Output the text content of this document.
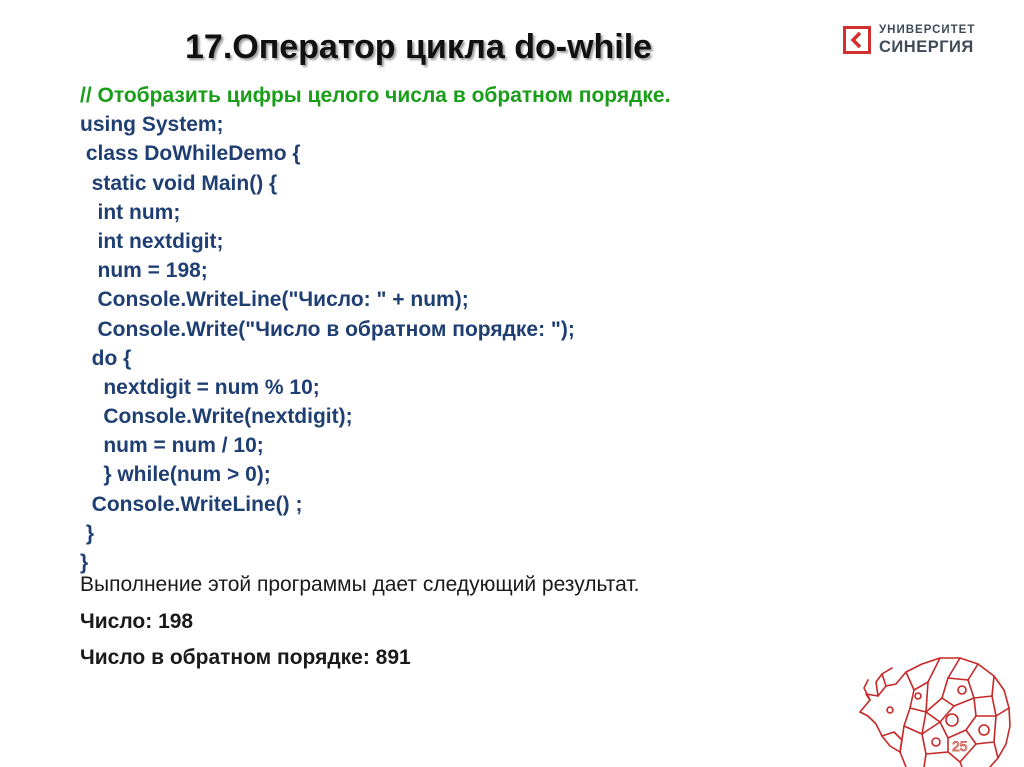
17.Оператор цикла do-while	УНИВЕРСИТЕТ
СИНЕРГИЯ
// Отобразить цифры целого числа в обратном порядке.
using System;
class DoWhileDemo {
static void Main() {
int num;
int nextdigit;
num = 198;
Console.WriteLine("Число: " + num);
Console.Write("Число в обратном порядке: ");
do {
nextdigit = num % 10;
Console.Write(nextdigit);
num = num / 10;
} while(num > 0);
Console.WriteLine() ;
}
}
Выполнение этой программы дает следующий результат.
Число: 198
Число в обратном порядке: 891
25
